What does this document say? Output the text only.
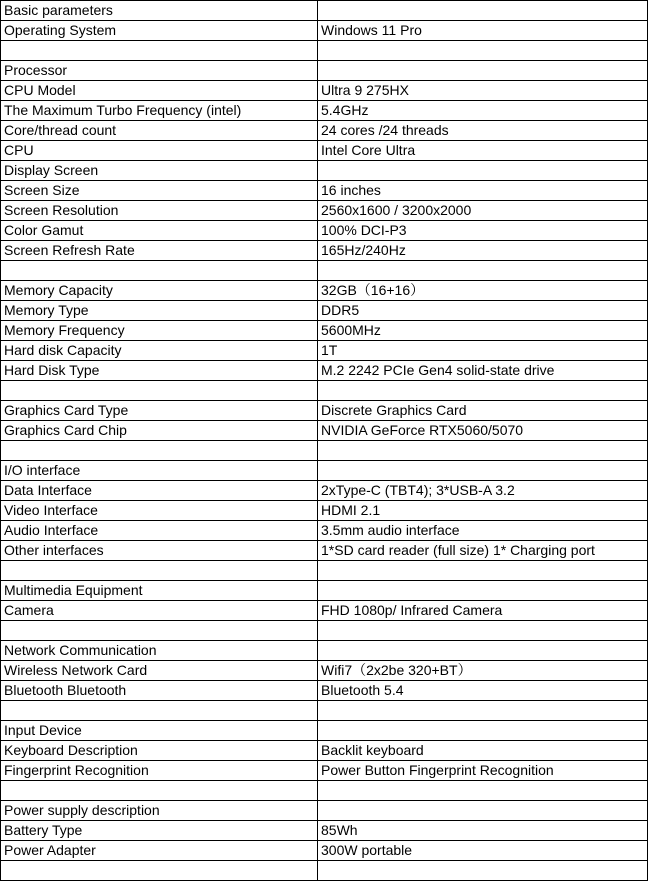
Basic parameters	
Operating System	Windows 11 Pro

Processor	
CPU Model	Ultra 9 275HX
The Maximum Turbo Frequency (intel)	5.4GHz
Core/thread count	24 cores /24 threads
CPU	Intel Core Ultra
Display Screen	
Screen Size	16 inches
Screen Resolution	2560x1600 / 3200x2000
Color Gamut	100% DCI-P3
Screen Refresh Rate	165Hz/240Hz

Memory Capacity	32GB（16+16）
Memory Type	DDR5
Memory Frequency	5600MHz
Hard disk Capacity	1T
Hard Disk Type	M.2 2242 PCIe Gen4 solid-state drive

Graphics Card Type	Discrete Graphics Card
Graphics Card Chip	NVIDIA GeForce RTX5060/5070

I/O interface	
Data Interface	2xType-C (TBT4); 3*USB-A 3.2
Video Interface	HDMI 2.1
Audio Interface	3.5mm audio interface
Other interfaces	1*SD card reader (full size) 1* Charging port

Multimedia Equipment	
Camera	FHD 1080p/ Infrared Camera

Network Communication	
Wireless Network Card	Wifi7（2x2be 320+BT）
Bluetooth Bluetooth	Bluetooth 5.4

Input Device	
Keyboard Description	Backlit keyboard
Fingerprint Recognition	Power Button Fingerprint Recognition

Power supply description	
Battery Type	85Wh
Power Adapter	300W portable
